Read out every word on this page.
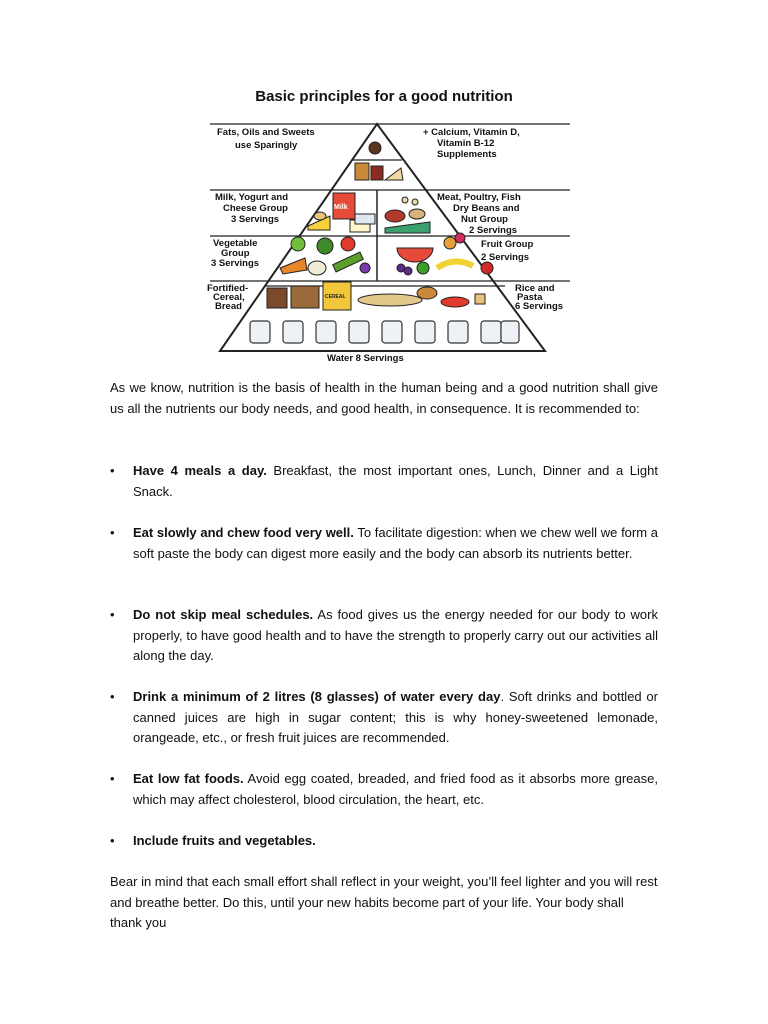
Basic principles for a good nutrition
Milk
CEREAL
Fats, Oils and Sweets use Sparingly
+ Calcium, Vitamin D, Vitamin B-12 Supplements
Milk, Yogurt and Cheese Group 3 Servings
Meat, Poultry, Fish Dry Beans and Nut Group 2 Servings
Vegetable Group 3 Servings
Fruit Group 2 Servings
Fortified- Cereal, Bread
Rice and Pasta 6 Servings
Water 8 Servings
As we know, nutrition is the basis of health in the human being and a good nutrition shall give us all the nutrients our body needs, and good health, in consequence. It is recommended to:
•	Have 4 meals a day. Breakfast, the most important ones, Lunch, Dinner and a Light Snack.
•	Eat slowly and chew food very well. To facilitate digestion: when we chew well we form a soft paste the body can digest more easily and the body can absorb its nutrients better.
•	Do not skip meal schedules. As food gives us the energy needed for our body to work properly, to have good health and to have the strength to properly carry out our activities all along the day.
•	Drink a minimum of 2 litres (8 glasses) of water every day. Soft drinks and bottled or canned juices are high in sugar content; this is why honey-sweetened lemonade, orangeade, etc., or fresh fruit juices are recommended.
•	Eat low fat foods. Avoid egg coated, breaded, and fried food as it absorbs more grease, which may affect cholesterol, blood circulation, the heart, etc.
•	Include fruits and vegetables.
Bear in mind that each small effort shall reflect in your weight, you’ll feel lighter and you will rest and breathe better. Do this, until your new habits become part of your life. Your body shall thank you
